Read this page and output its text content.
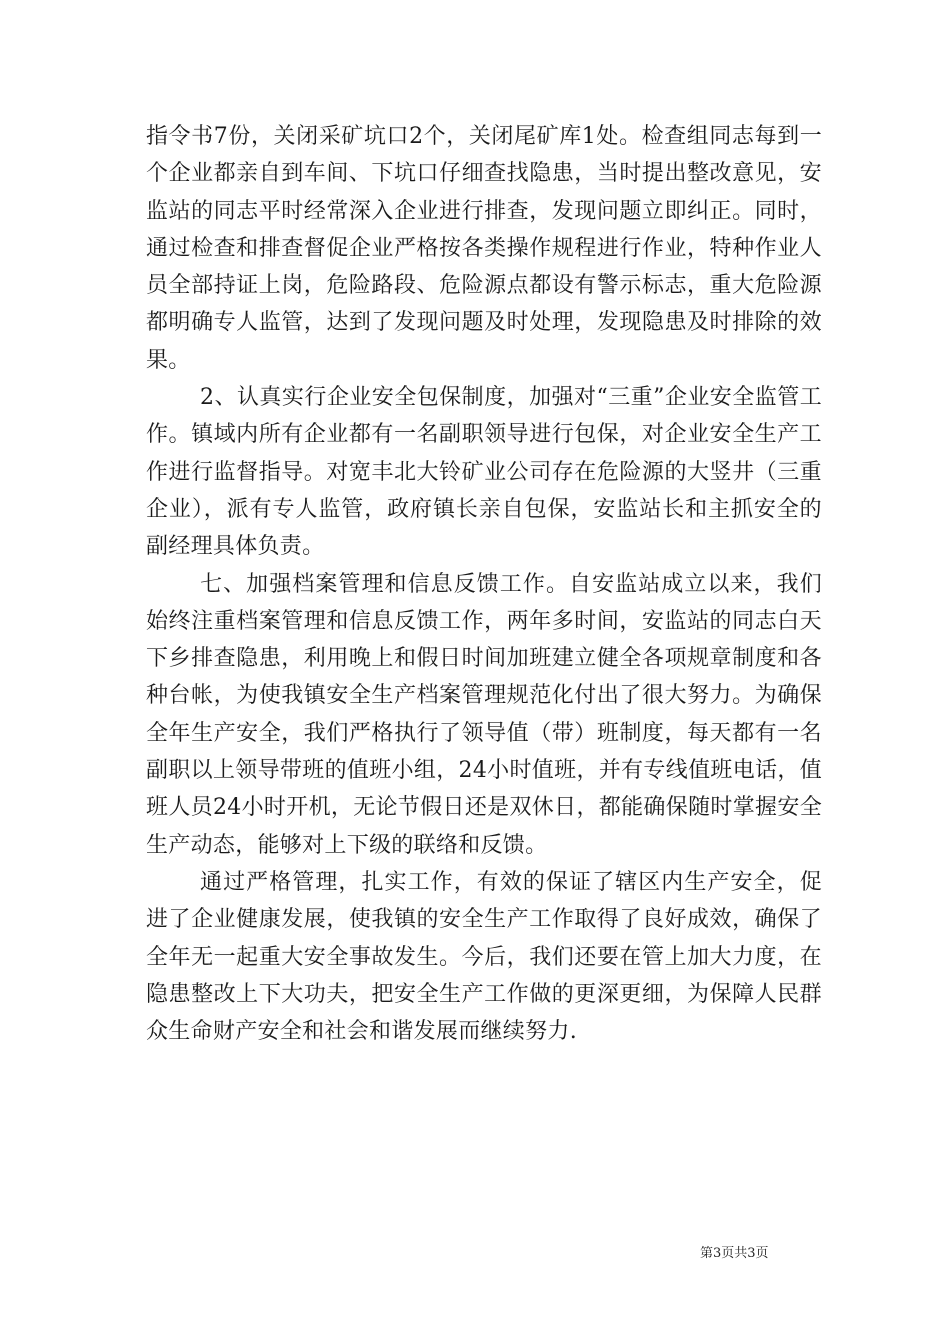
指令书7份，关闭采矿坑口2个，关闭尾矿库1处。检查组同志每到一个企业都亲自到车间、下坑口仔细查找隐患，当时提出整改意见，安监站的同志平时经常深入企业进行排查，发现问题立即纠正。同时，通过检查和排查督促企业严格按各类操作规程进行作业，特种作业人员全部持证上岗，危险路段、危险源点都设有警示标志，重大危险源都明确专人监管，达到了发现问题及时处理，发现隐患及时排除的效果。

2、认真实行企业安全包保制度，加强对“三重”企业安全监管工作。镇域内所有企业都有一名副职领导进行包保，对企业安全生产工作进行监督指导。对宽丰北大铃矿业公司存在危险源的大竖井（三重企业），派有专人监管，政府镇长亲自包保，安监站长和主抓安全的副经理具体负责。

七、加强档案管理和信息反馈工作。自安监站成立以来，我们始终注重档案管理和信息反馈工作，两年多时间，安监站的同志白天下乡排查隐患，利用晚上和假日时间加班建立健全各项规章制度和各种台帐，为使我镇安全生产档案管理规范化付出了很大努力。为确保全年生产安全，我们严格执行了领导值（带）班制度，每天都有一名副职以上领导带班的值班小组，24小时值班，并有专线值班电话，值班人员24小时开机，无论节假日还是双休日，都能确保随时掌握安全生产动态，能够对上下级的联络和反馈。

通过严格管理，扎实工作，有效的保证了辖区内生产安全，促进了企业健康发展，使我镇的安全生产工作取得了良好成效，确保了全年无一起重大安全事故发生。今后，我们还要在管上加大力度，在隐患整改上下大功夫，把安全生产工作做的更深更细，为保障人民群众生命财产安全和社会和谐发展而继续努力.

第3页共3页
